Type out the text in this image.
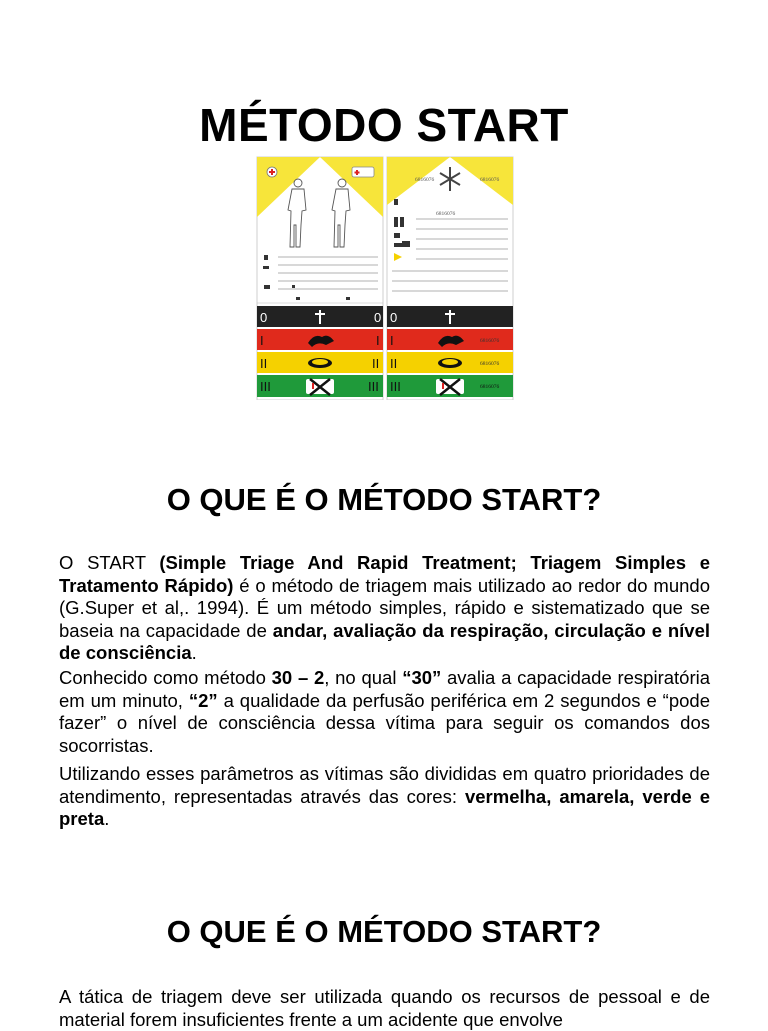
MÉTODO START
6816076	6816076
6816076
0	0
I	I
II	II
III	III
0
I	6816076
II	6816076
III	6816076
O QUE É O MÉTODO START?
O START (Simple Triage And Rapid Treatment; Triagem Simples e Tratamento Rápido) é o método de triagem mais utilizado ao redor do mundo (G.Super et al,. 1994). É um método simples, rápido e sistematizado que se baseia na capacidade de andar, avaliação da respiração, circulação e nível de consciência.
Conhecido como método 30 – 2, no qual “30” avalia a capacidade respiratória em um minuto, “2” a qualidade da perfusão periférica em 2 segundos e “pode fazer” o nível de consciência dessa vítima para seguir os comandos dos socorristas.
Utilizando esses parâmetros as vítimas são divididas em quatro prioridades de atendimento, representadas através das cores: vermelha, amarela, verde e preta.
O QUE É O MÉTODO START?
A tática de triagem deve ser utilizada quando os recursos de pessoal e de material forem insuficientes frente a um acidente que envolve
